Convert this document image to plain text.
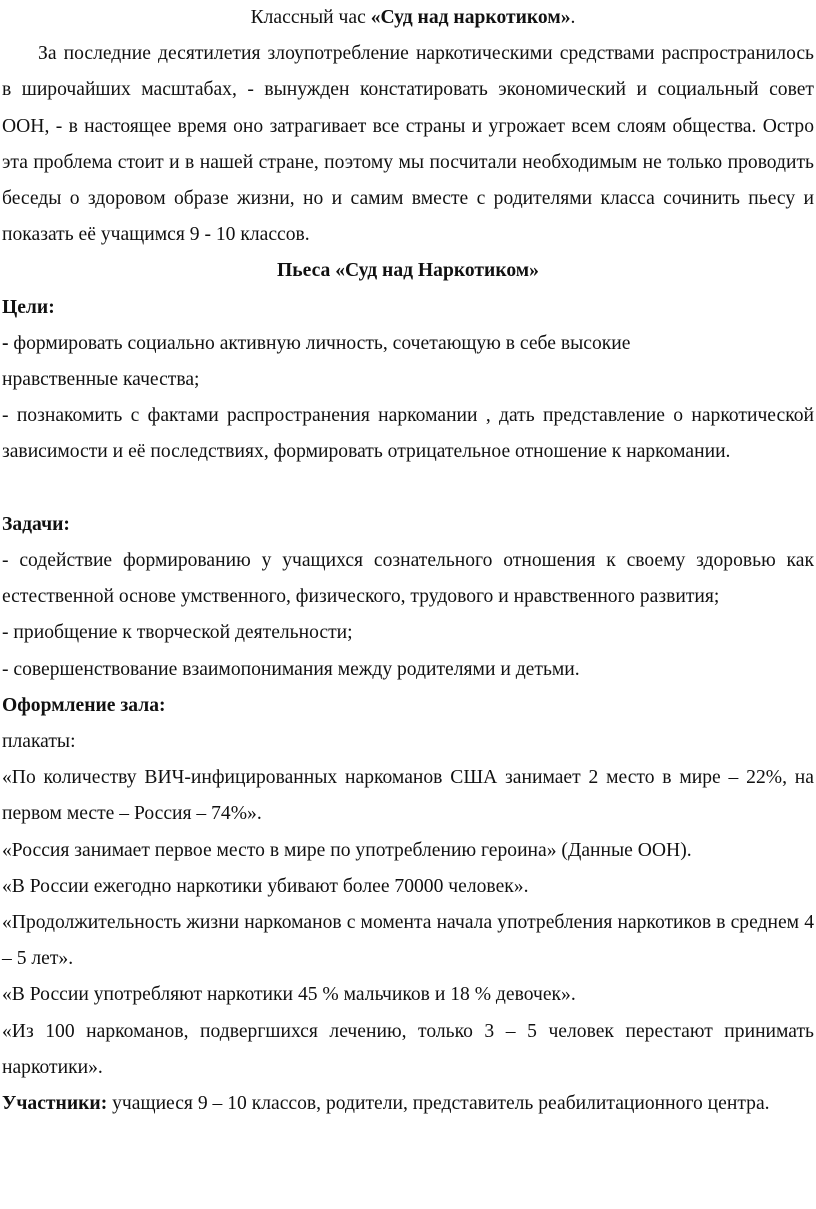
Классный час «Суд над наркотиком».

За последние десятилетия злоупотребление наркотическими средствами распространилось в широчайших масштабах, - вынужден констатировать экономический и социальный совет ООН, - в настоящее время оно затрагивает все страны и угрожает всем слоям общества. Остро эта проблема стоит и в нашей стране, поэтому мы посчитали необходимым не только проводить беседы о здоровом образе жизни, но и самим вместе с родителями класса сочинить пьесу и показать её учащимся 9 - 10 классов.

Пьеса «Суд над Наркотиком»

Цели:

- формировать социально активную личность, сочетающую в себе высокие

нравственные качества;

- познакомить с фактами распространения наркомании , дать представление о наркотической зависимости и её последствиях, формировать отрицательное отношение к наркомании.

Задачи:

- содействие формированию у учащихся сознательного отношения к своему здоровью как естественной основе умственного, физического, трудового и нравственного развития;

- приобщение к творческой деятельности;

- совершенствование взаимопонимания между родителями и детьми.

Оформление зала:

плакаты:

«По количеству ВИЧ-инфицированных наркоманов США занимает 2 место в мире – 22%, на первом месте – Россия – 74%».

«Россия занимает первое место в мире по употреблению героина» (Данные ООН).

«В России ежегодно наркотики убивают более 70000 человек».

«Продолжительность жизни наркоманов с момента начала употребления наркотиков в среднем 4 – 5 лет».

«В России употребляют наркотики 45 % мальчиков и 18 % девочек».

«Из 100 наркоманов, подвергшихся лечению, только 3 – 5 человек перестают принимать наркотики».

Участники: учащиеся 9 – 10 классов, родители, представитель реабилитационного центра.
